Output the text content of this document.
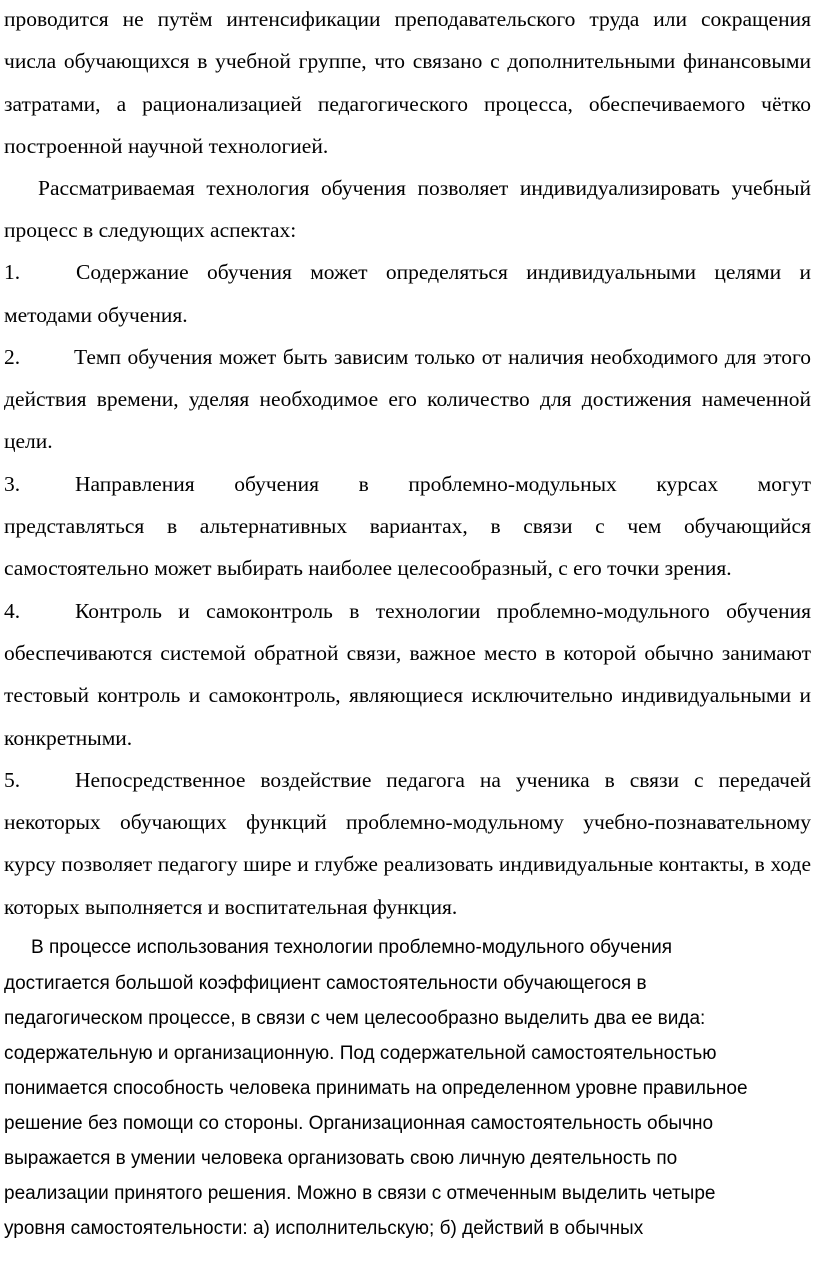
проводится не путём интенсификации преподавательского труда или сокращения
числа обучающихся в учебной группе, что связано с дополнительными финансовыми
затратами, а рационализацией педагогического процесса, обеспечиваемого чётко
построенной научной технологией.
Рассматриваемая технология обучения позволяет индивидуализировать учебный
процесс в следующих аспектах:
1.	Содержание обучения может определяться индивидуальными целями и
методами обучения.
2.	Темп обучения может быть зависим только от наличия необходимого для этого
действия времени, уделяя необходимое его количество для достижения намеченной
цели.
3.	Направления обучения в проблемно-модульных курсах могут
представляться в альтернативных вариантах, в связи с чем обучающийся
самостоятельно может выбирать наиболее целесообразный, с его точки зрения.
4.	Контроль и самоконтроль в технологии проблемно-модульного обучения
обеспечиваются системой обратной связи, важное место в которой обычно занимают
тестовый контроль и самоконтроль, являющиеся исключительно индивидуальными и
конкретными.
5.	Непосредственное воздействие педагога на ученика в связи с передачей
некоторых обучающих функций проблемно-модульному учебно-познавательному
курсу позволяет педагогу шире и глубже реализовать индивидуальные контакты, в ходе
которых выполняется и воспитательная функция.
В процессе использования технологии проблемно-модульного обучения
достигается большой коэффициент самостоятельности обучающегося в
педагогическом процессе, в связи с чем целесообразно выделить два ее вида:
содержательную и организационную. Под содержательной самостоятельностью
понимается способность человека принимать на определенном уровне правильное
решение без помощи со стороны. Организационная самостоятельность обычно
выражается в умении человека организовать свою личную деятельность по
реализации принятого решения. Можно в связи с отмеченным выделить четыре
уровня самостоятельности: а) исполнительскую; б) действий в обычных
